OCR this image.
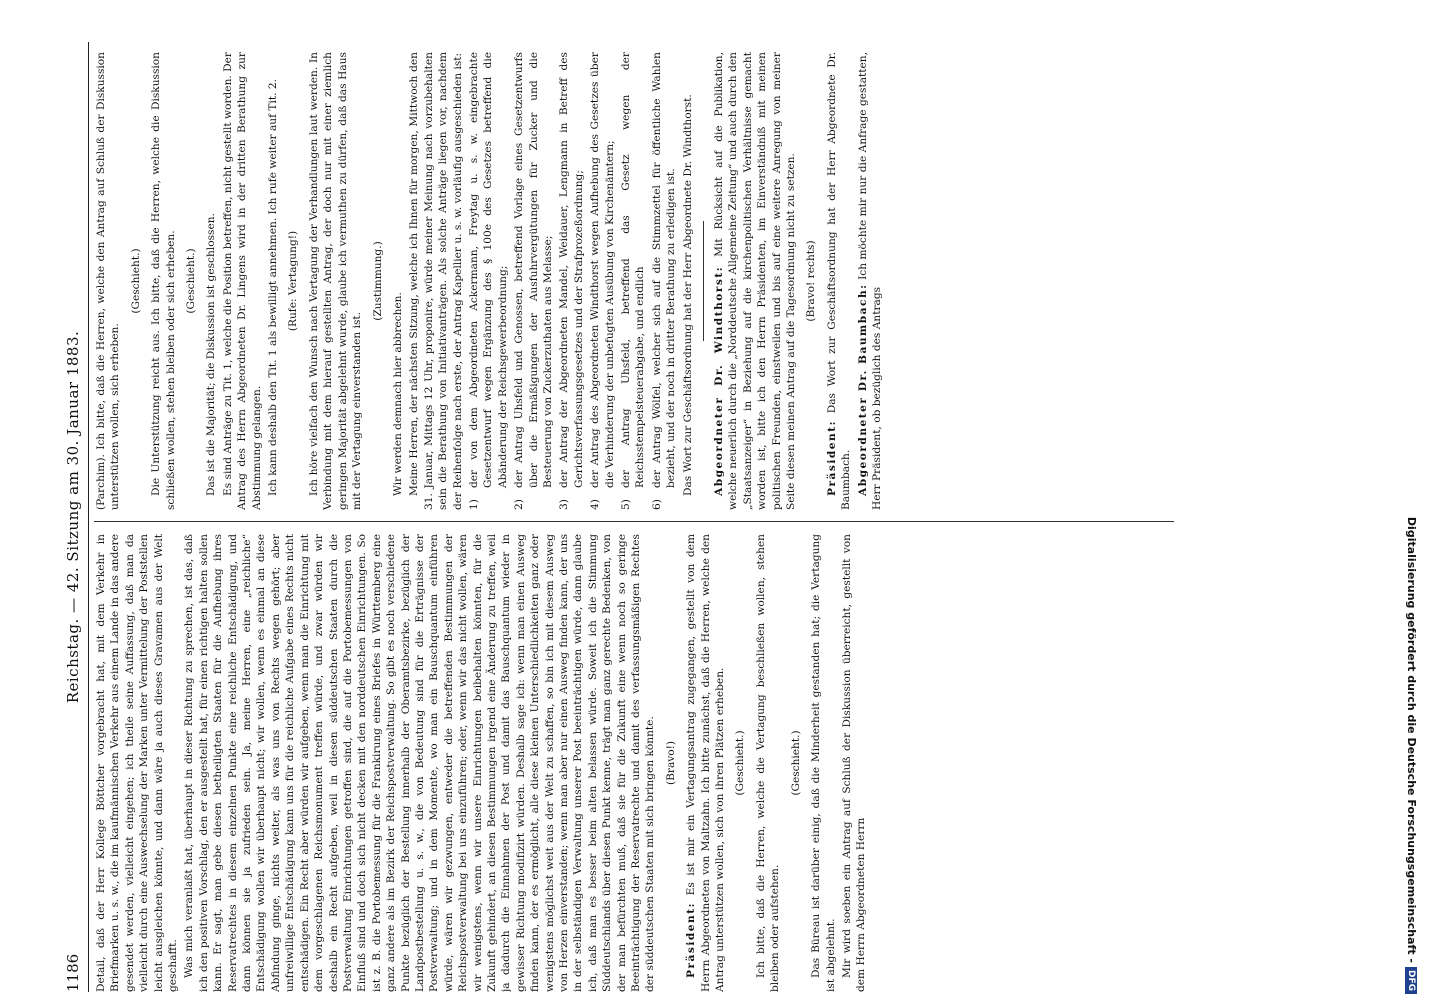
1186
Reichstag. — 42. Sitzung am 30. Januar 1883.

Detail, daß der Herr Kollege Böttcher vorgebracht hat, mit dem Verkehr in Briefmarken u. s. w., die im kaufmännischen Verkehr aus einem Lande in das andere gesendet werden, vielleicht eingehen; ich theile seine Auffassung, daß man da vielleicht durch eine Auswechselung der Marken unter Vermittelung der Poststellen leicht ausgleichen könnte, und dann wäre ja auch dieses Gravamen aus der Welt geschafft. Was mich veranlaßt hat, überhaupt in dieser Richtung zu sprechen, ist das, daß ich den positiven Vorschlag, den er ausgestellt hat, für einen richtigen halten sollen kann. Er sagt, man gebe diesen betheiligten Staaten für die Aufhebung ihres Reservatrechtes in diesem einzelnen Punkte eine reichliche Entschädigung, und dann können sie ja zufrieden sein. Ja, meine Herren, eine „reichliche“ Entschädigung wollen wir überhaupt nicht; wir wollen, wenn es einmal an diese Abfindung ginge, nichts weiter, als was uns von Rechts wegen gehört; aber unfreiwillige Entschädigung kann uns für die reichliche Aufgabe eines Rechts nicht entschädigen. Ein Recht aber würden wir aufgeben, wenn man die Einrichtung mit dem vorgeschlagenen Reichsmonument treffen würde, und zwar würden wir deshalb ein Recht aufgeben, weil in diesen süddeutschen Staaten durch die Postverwaltung Einrichtungen getroffen sind, die auf die Portobemessungen von Einfluß sind und doch sich nicht decken mit den norddeutschen Einrichtungen. So ist z. B. die Portobemessung für die Frankirung eines Briefes in Württemberg eine ganz andere als im Bezirk der Reichspostverwaltung. So gibt es noch verschiedene Punkte bezüglich der Bestellung innerhalb der Oberamtsbezirke, bezüglich der Landpostbestellung u. s. w., die von Bedeutung sind für die Erträgnisse der Postverwaltung; und in dem Momente, wo man ein Bauschquantum einführen würde, wären wir gezwungen, entweder die betreffenden Bestimmungen der Reichspostverwaltung bei uns einzuführen; oder, wenn wir das nicht wollen, wären wir wenigstens, wenn wir unsere Einrichtungen beibehalten könnten, für die Zukunft gehindert, an diesen Bestimmungen irgend eine Änderung zu treffen, weil ja dadurch die Einnahmen der Post und damit das Bauschquantum wieder in gewisser Richtung modifizirt würden. Deshalb sage ich: wenn man einen Ausweg finden kann, der es ermöglicht, alle diese kleinen Unterschiedlichkeiten ganz oder wenigstens möglichst weit aus der Welt zu schaffen, so bin ich mit diesem Ausweg von Herzen einverstanden; wenn man aber nur einen Ausweg finden kann, der uns in der selbständigen Verwaltung unserer Post beeinträchtigen würde, dann glaube ich, daß man es besser beim alten belassen würde. Soweit ich die Stimmung Süddeutschlands über diesen Punkt kenne, trägt man ganz gerechte Bedenken, von der man befürchten muß, daß sie für die Zukunft eine wenn noch so geringe Beeinträchtigung der Reservatrechte und damit des verfassungsmäßigen Rechtes der süddeutschen Staaten mit sich bringen könnte. (Bravo!)

Präsident: Es ist mir ein Vertagungsantrag zugegangen, gestellt von dem Herrn Abgeordneten von Maltzahn. Ich bitte zunächst, daß die Herren, welche den Antrag unterstützen wollen, sich von ihren Plätzen erheben. (Geschieht.) Ich bitte, daß die Herren, welche die Vertagung beschließen wollen, stehen bleiben oder aufstehen.

(Geschieht.) Das Büreau ist darüber einig, daß die Minderheit gestanden hat; die Vertagung ist abgelehnt. Mir wird soeben ein Antrag auf Schluß der Diskussion überreicht, gestellt von dem Herrn Abgeordneten Herrn

(Parchim). Ich bitte, daß die Herren, welche den Antrag auf Schluß der Diskussion unterstützen wollen, sich erheben.

(Geschieht.) Die Unterstützung reicht aus. Ich bitte, daß die Herren, welche die Diskussion schließen wollen, stehen bleiben oder sich erheben. (Geschieht.) Das ist die Majorität; die Diskussion ist geschlossen. Es sind Anträge zu Tit. 1, welche die Position betreffen, nicht gestellt worden. Der Antrag des Herrn Abgeordneten Dr. Lingens wird in der dritten Berathung zur Abstimmung gelangen. Ich kann deshalb den Tit. 1 als bewilligt annehmen. Ich rufe weiter auf Tit. 2. (Rufe: Vertagung!) Ich höre vielfach den Wunsch nach Vertagung der Verhandlungen laut werden. In Verbindung mit dem hierauf gestellten Antrag, der doch nur mit einer ziemlich geringen Majorität abgelehnt wurde, glaube ich vermuthen zu dürfen, daß das Haus mit der Vertagung einverstanden ist.

(Zustimmung.)

Wir werden demnach hier abbrechen. Meine Herren, der nächsten Sitzung, welche ich Ihnen für morgen, Mittwoch den 31. Januar, Mittags 12 Uhr, proponire, würde meiner Meinung nach vorzubehalten sein die Berathung von Initiativanträgen. Als solche Anträge liegen vor, nachdem der Reihenfolge nach erste, der Antrag Kapellier u. s. w. vorläufig ausgeschieden ist: 1)
der von dem Abgeordneten Ackermann, Freytag u. s. w. eingebrachte Gesetzentwurf wegen Ergänzung des § 100e des Gesetzes betreffend die Abänderung der Reichsgewerbeordnung;

2)
der Antrag Uhsfeld und Genossen, betreffend Vorlage eines Gesetzentwurfs über die Ermäßigungen der Ausfuhrvergütungen für Zucker und die Besteuerung von Zuckerzuthaten aus Melasse;

3)
der Antrag der Abgeordneten Mandel, Weidauer, Lengmann in Betreff des Gerichtsverfassungsgesetzes und der Strafprozeßordnung;

4)
der Antrag des Abgeordneten Windthorst wegen Aufhebung des Gesetzes über die Verhinderung der unbefugten Ausübung von Kirchenämtern;

5)
der Antrag Uhsfeld, betreffend das Gesetz wegen der Reichsstempelsteuerabgabe, und endlich

6)
der Antrag Wölfel, welcher sich auf die Stimmzettel für öffentliche Wahlen bezieht, und der noch in dritter Berathung zu erledigen ist. Das Wort zur Geschäftsordnung hat der Herr Abgeordnete Dr. Windthorst. Abgeordneter Dr. Windthorst: Mit Rücksicht auf die Publikation, welche neuerlich durch die „Norddeutsche Allgemeine Zeitung“ und auch durch den „Staatsanzeiger“ in Beziehung auf die kirchenpolitischen Verhältnisse gemacht worden ist, bitte ich den Herrn Präsidenten, im Einverständniß mit meinen politischen Freunden, einstweilen und bis auf eine weitere Anregung von meiner Seite diesen meinen Antrag auf die Tagesordnung nicht zu setzen. (Bravo! rechts)

Präsident: Das Wort zur Geschäftsordnung hat der Herr Abgeordnete Dr. Baumbach. Abgeordneter Dr. Baumbach: Ich möchte mir nur die Anfrage gestatten, Herr Präsident, ob bezüglich des Antrags

Digitalisierung gefördert durch die Deutsche Forschungsgemeinschaft -
DFG
